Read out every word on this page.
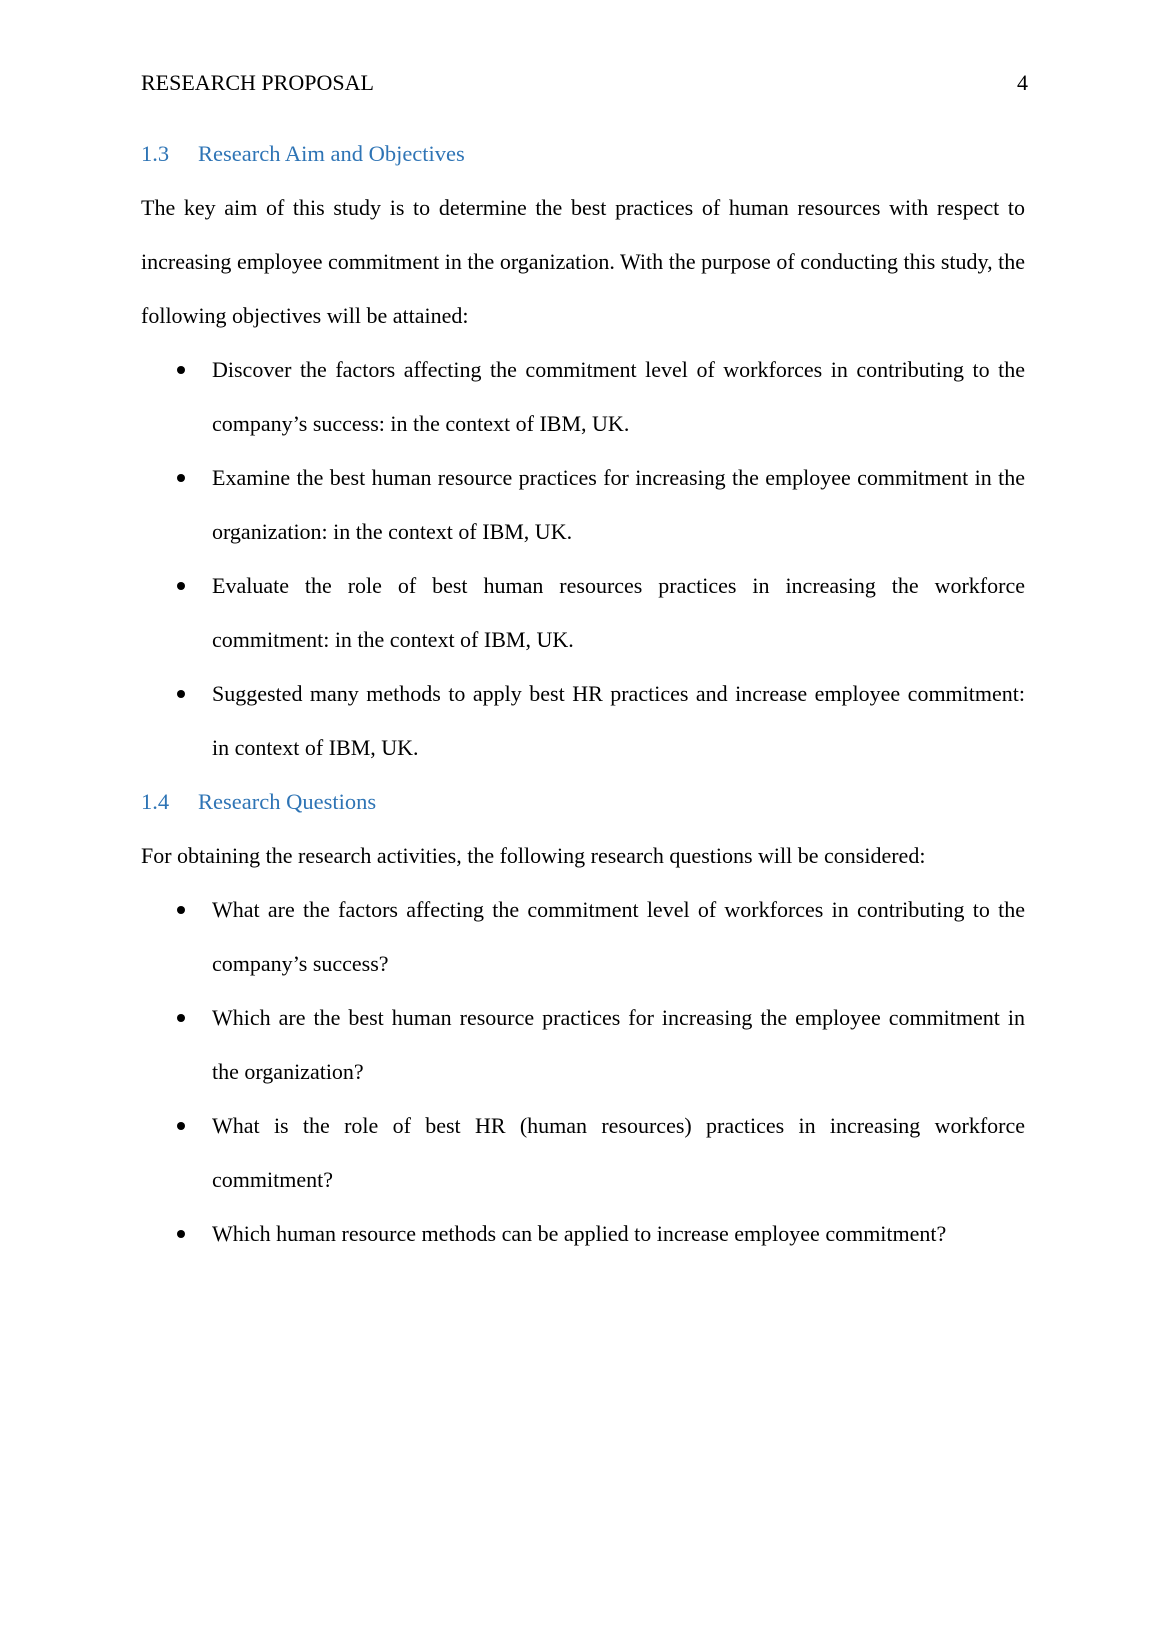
RESEARCH PROPOSAL	4
1.3 Research Aim and Objectives

The key aim of this study is to determine the best practices of human resources with respect to increasing employee commitment in the organization. With the purpose of conducting this study, the following objectives will be attained:

Discover the factors affecting the commitment level of workforces in contributing to the company’s success: in the context of IBM, UK.
Examine the best human resource practices for increasing the employee commitment in the organization: in the context of IBM, UK.
Evaluate the role of best human resources practices in increasing the workforce commitment: in the context of IBM, UK.
Suggested many methods to apply best HR practices and increase employee commitment: in context of IBM, UK.
1.4 Research Questions

For obtaining the research activities, the following research questions will be considered:

What are the factors affecting the commitment level of workforces in contributing to the company’s success?
Which are the best human resource practices for increasing the employee commitment in the organization?
What is the role of best HR (human resources) practices in increasing workforce commitment?
Which human resource methods can be applied to increase employee commitment?
